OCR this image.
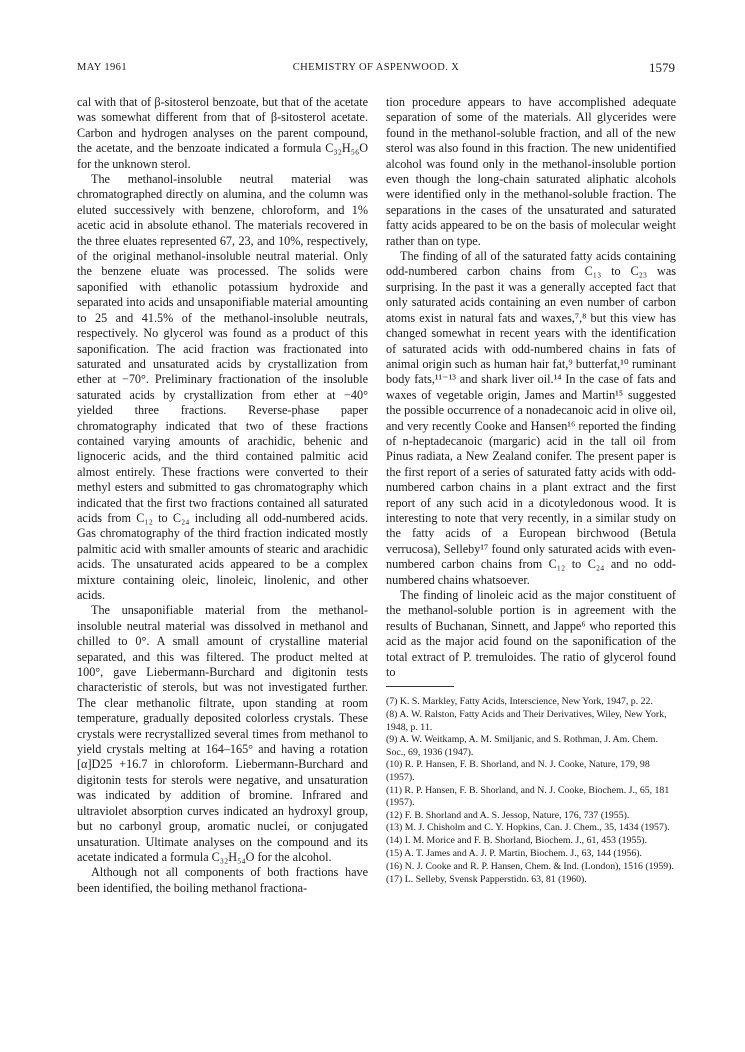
MAY 1961	CHEMISTRY OF ASPENWOOD. X	1579

cal with that of β-sitosterol benzoate, but that of the acetate was somewhat different from that of β-sitosterol acetate. Carbon and hydrogen analyses on the parent compound, the acetate, and the benzoate indicated a formula C₃₂H₅₆O for the unknown sterol.

The methanol-insoluble neutral material was chromatographed directly on alumina, and the column was eluted successively with benzene, chloroform, and 1% acetic acid in absolute ethanol. The materials recovered in the three eluates represented 67, 23, and 10%, respectively, of the original methanol-insoluble neutral material. Only the benzene eluate was processed. The solids were saponified with ethanolic potassium hydroxide and separated into acids and unsaponifiable material amounting to 25 and 41.5% of the methanol-insoluble neutrals, respectively. No glycerol was found as a product of this saponification. The acid fraction was fractionated into saturated and unsaturated acids by crystallization from ether at −70°. Preliminary fractionation of the insoluble saturated acids by crystallization from ether at −40° yielded three fractions. Reverse-phase paper chromatography indicated that two of these fractions contained varying amounts of arachidic, behenic and lignoceric acids, and the third contained palmitic acid almost entirely. These fractions were converted to their methyl esters and submitted to gas chromatography which indicated that the first two fractions contained all saturated acids from C₁₂ to C₂₄ including all odd-numbered acids. Gas chromatography of the third fraction indicated mostly palmitic acid with smaller amounts of stearic and arachidic acids. The unsaturated acids appeared to be a complex mixture containing oleic, linoleic, linolenic, and other acids.

The unsaponifiable material from the methanol-insoluble neutral material was dissolved in methanol and chilled to 0°. A small amount of crystalline material separated, and this was filtered. The product melted at 100°, gave Liebermann-Burchard and digitonin tests characteristic of sterols, but was not investigated further. The clear methanolic filtrate, upon standing at room temperature, gradually deposited colorless crystals. These crystals were recrystallized several times from methanol to yield crystals melting at 164–165° and having a rotation [α]D25 +16.7 in chloroform. Liebermann-Burchard and digitonin tests for sterols were negative, and unsaturation was indicated by addition of bromine. Infrared and ultraviolet absorption curves indicated an hydroxyl group, but no carbonyl group, aromatic nuclei, or conjugated unsaturation. Ultimate analyses on the compound and its acetate indicated a formula C₃₂H₅₄O for the alcohol.

Although not all components of both fractions have been identified, the boiling methanol fractiona-

tion procedure appears to have accomplished adequate separation of some of the materials. All glycerides were found in the methanol-soluble fraction, and all of the new sterol was also found in this fraction. The new unidentified alcohol was found only in the methanol-insoluble portion even though the long-chain saturated aliphatic alcohols were identified only in the methanol-soluble fraction. The separations in the cases of the unsaturated and saturated fatty acids appeared to be on the basis of molecular weight rather than on type.

The finding of all of the saturated fatty acids containing odd-numbered carbon chains from C₁₃ to C₂₃ was surprising. In the past it was a generally accepted fact that only saturated acids containing an even number of carbon atoms exist in natural fats and waxes,⁷,⁸ but this view has changed somewhat in recent years with the identification of saturated acids with odd-numbered chains in fats of animal origin such as human hair fat,⁹ butterfat,¹⁰ ruminant body fats,¹¹⁻¹³ and shark liver oil.¹⁴ In the case of fats and waxes of vegetable origin, James and Martin¹⁵ suggested the possible occurrence of a nonadecanoic acid in olive oil, and very recently Cooke and Hansen¹⁶ reported the finding of n-heptadecanoic (margaric) acid in the tall oil from Pinus radiata, a New Zealand conifer. The present paper is the first report of a series of saturated fatty acids with odd-numbered carbon chains in a plant extract and the first report of any such acid in a dicotyledonous wood. It is interesting to note that very recently, in a similar study on the fatty acids of a European birchwood (Betula verrucosa), Selleby¹⁷ found only saturated acids with even-numbered carbon chains from C₁₂ to C₂₄ and no odd-numbered chains whatsoever.

The finding of linoleic acid as the major constituent of the methanol-soluble portion is in agreement with the results of Buchanan, Sinnett, and Jappe⁶ who reported this acid as the major acid found on the saponification of the total extract of P. tremuloides. The ratio of glycerol found to

(7) K. S. Markley, Fatty Acids, Interscience, New York, 1947, p. 22.

(8) A. W. Ralston, Fatty Acids and Their Derivatives, Wiley, New York, 1948, p. 11.

(9) A. W. Weitkamp, A. M. Smiljanic, and S. Rothman, J. Am. Chem. Soc., 69, 1936 (1947).

(10) R. P. Hansen, F. B. Shorland, and N. J. Cooke, Nature, 179, 98 (1957).

(11) R. P. Hansen, F. B. Shorland, and N. J. Cooke, Biochem. J., 65, 181 (1957).

(12) F. B. Shorland and A. S. Jessop, Nature, 176, 737 (1955).

(13) M. J. Chisholm and C. Y. Hopkins, Can. J. Chem., 35, 1434 (1957).

(14) I. M. Morice and F. B. Shorland, Biochem. J., 61, 453 (1955).

(15) A. T. James and A. J. P. Martin, Biochem. J., 63, 144 (1956).

(16) N. J. Cooke and R. P. Hansen, Chem. & Ind. (London), 1516 (1959).

(17) L. Selleby, Svensk Papperstidn. 63, 81 (1960).
